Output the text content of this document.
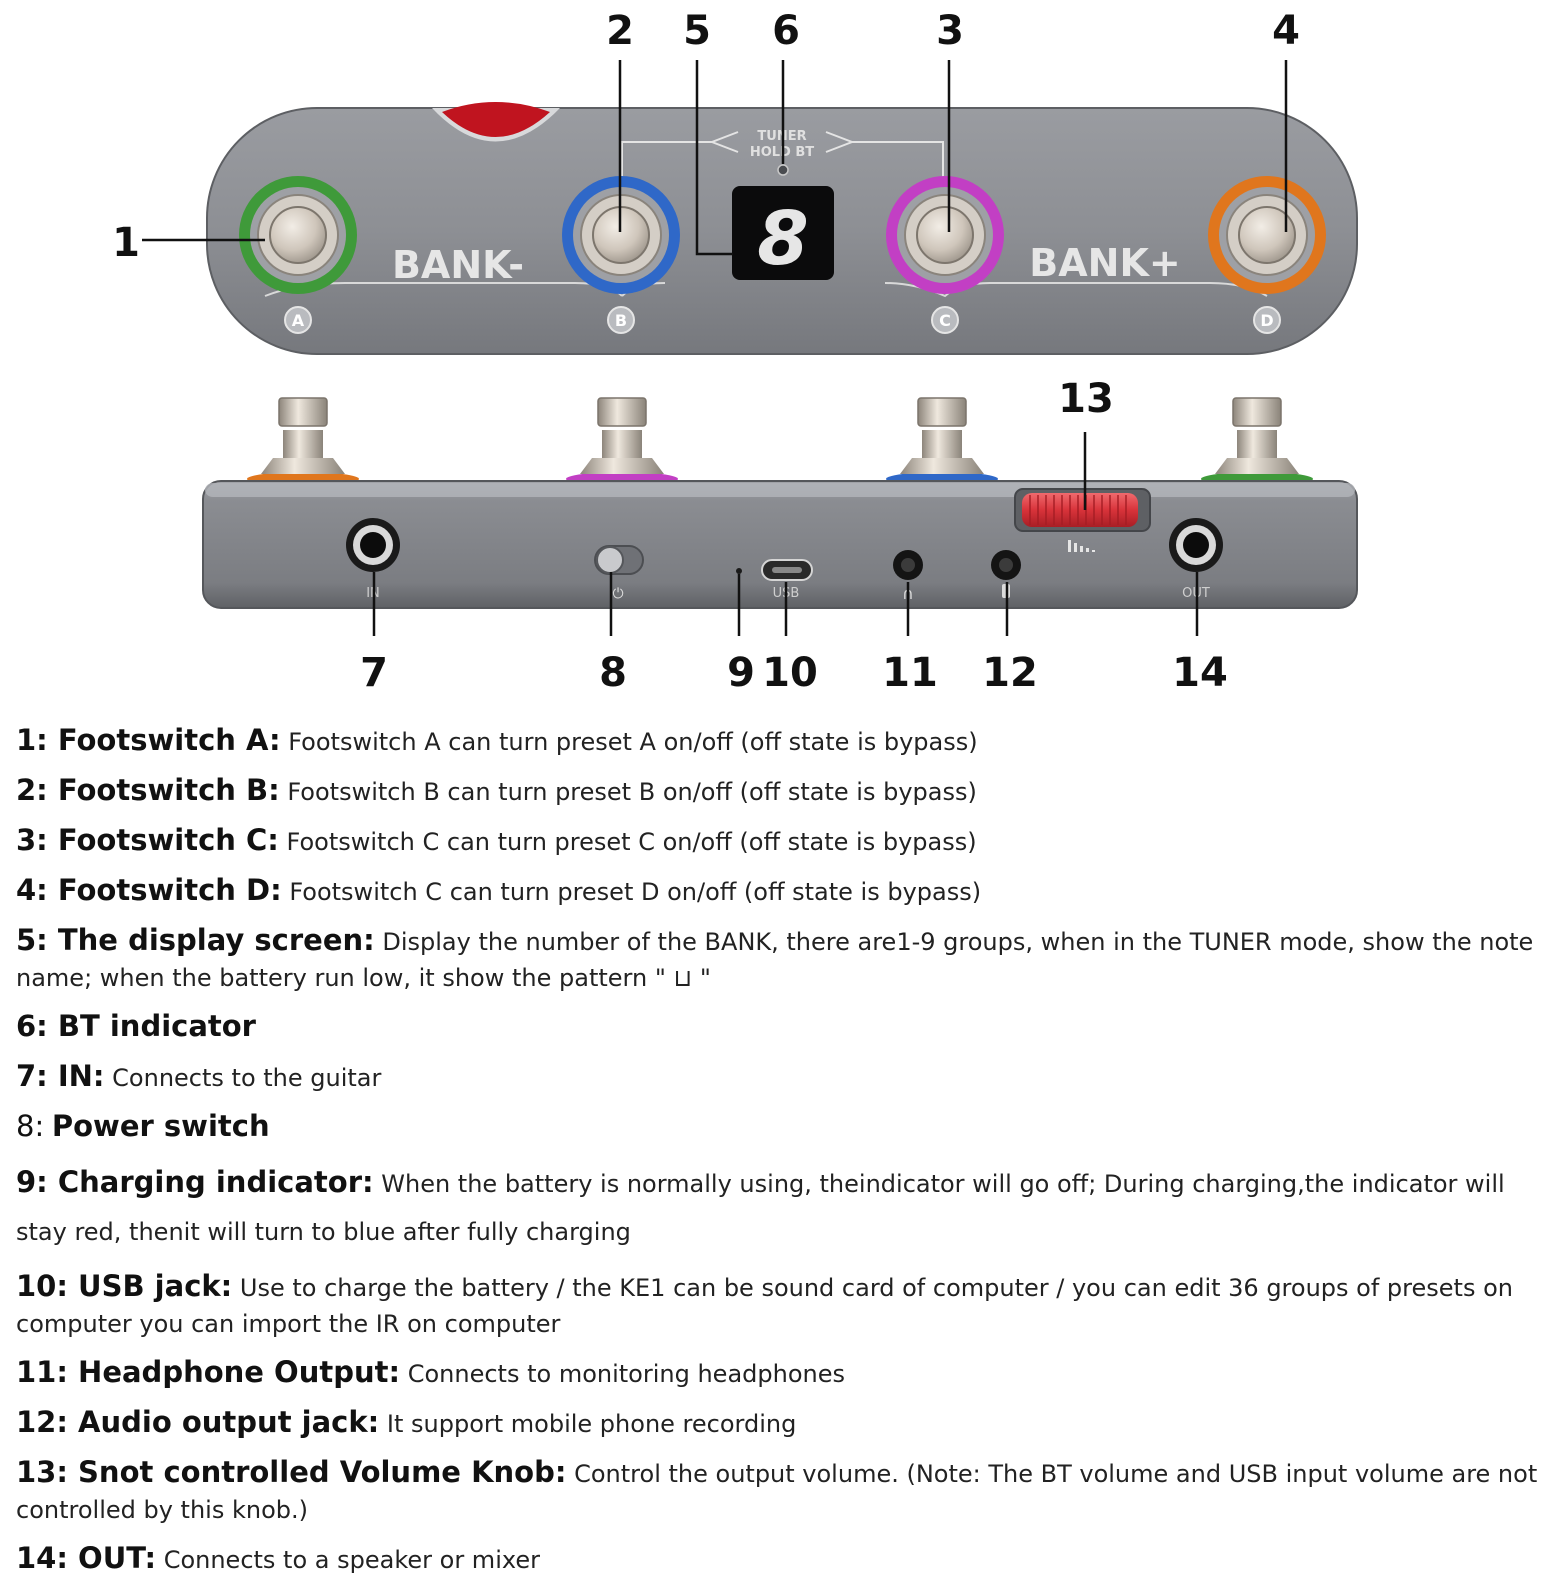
TUNER
HOLD BT
8
BANK-	BANK+
A	B	C	D
IN	⏻	USB	∩	OUT
1
2 5 6	3	4
13
7	8	9 10 11 12	14
1: Footswitch A: Footswitch A can turn preset A on/off (off state is bypass)
2: Footswitch B: Footswitch B can turn preset B on/off (off state is bypass)
3: Footswitch C: Footswitch C can turn preset C on/off (off state is bypass)
4: Footswitch D: Footswitch C can turn preset D on/off (off state is bypass)
5: The display screen: Display the number of the BANK, there are1-9 groups, when in the TUNER mode, show the note name; when the battery run low, it show the pattern " ⊔ "
6: BT indicator
7: IN: Connects to the guitar
8: Power switch
9: Charging indicator: When the battery is normally using, theindicator will go off; During charging,the indicator will stay red, thenit will turn to blue after fully charging
10: USB jack: Use to charge the battery / the KE1 can be sound card of computer / you can edit 36 groups of presets on computer you can import the IR on computer
11: Headphone Output: Connects to monitoring headphones
12: Audio output jack: It support mobile phone recording
13: Snot controlled Volume Knob: Control the output volume. (Note: The BT volume and USB input volume are not controlled by this knob.)
14: OUT: Connects to a speaker or mixer
